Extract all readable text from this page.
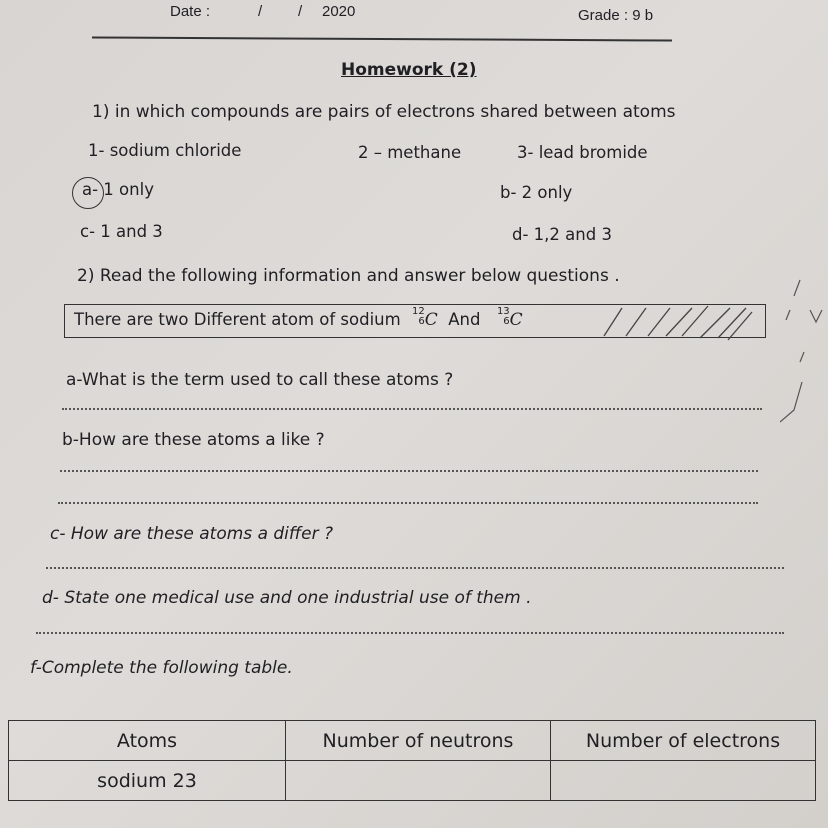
Date :	/ / 2020	Grade : 9 b
Homework (2)
1) in which compounds are pairs of electrons shared between atoms
1- sodium chloride	2 – methane	3- lead bromide
a- 1 only	b- 2 only
c- 1 and 3	d- 1,2 and 3
2) Read the following information and answer below questions .
There are two Different atom of sodium 12
6 C And 13
6 C
a-What is the term used to call these atoms ?
b-How are these atoms a like ?
c- How are these atoms a differ ?
d- State one medical use and one industrial use of them .
f-Complete the following table.
Atoms	Number of neutrons	Number of electrons
sodium 23		
